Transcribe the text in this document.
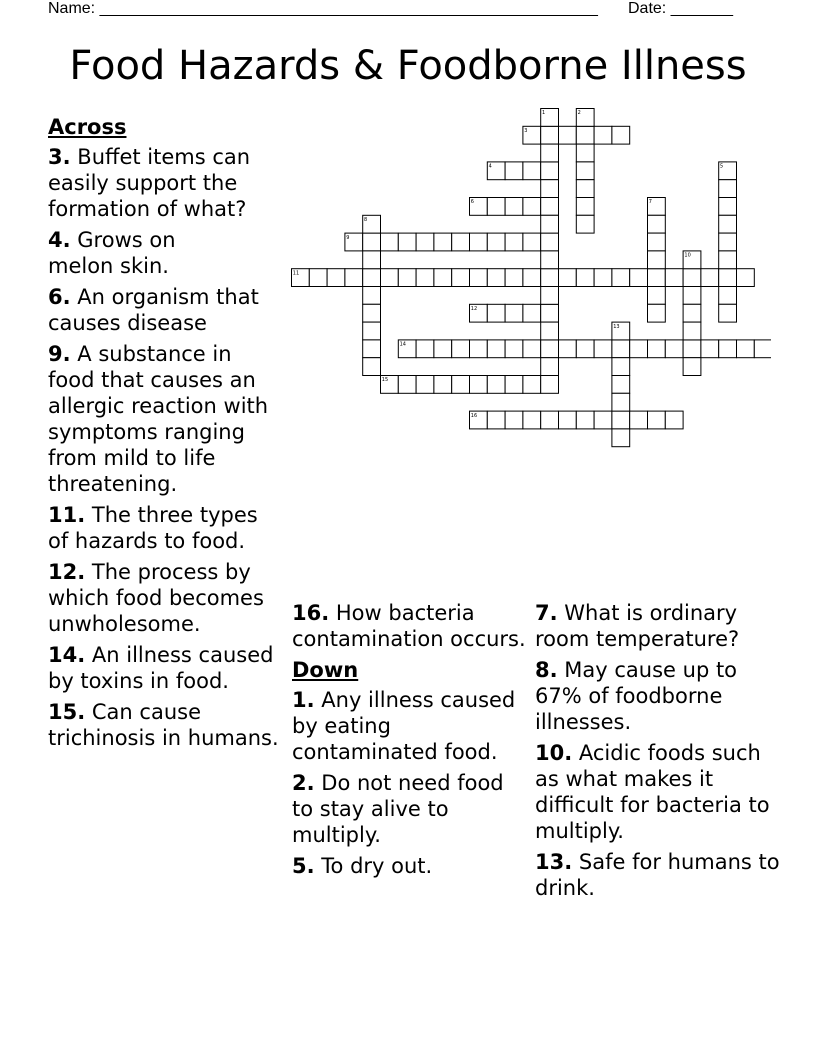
Name: ________________________________________________________ Date: _______
Food Hazards & Foodborne Illness
3
4
6
9
11
12
14
15
16
1	2
5
7
8
10
13
Across
3. Buffet items can easily support the formation of what?
4. Grows on melon skin.
6. An organism that causes disease
9. A substance in food that causes an allergic reaction with symptoms ranging from mild to life threatening.
11. The three types of hazards to food.
12. The process by which food becomes unwholesome.
14. An illness caused by toxins in food.
15. Can cause trichinosis in humans.
16. How bacteria contamination occurs.
Down
1. Any illness caused by eating contaminated food.
2. Do not need food to stay alive to multiply.
5. To dry out.
7. What is ordinary room temperature?
8. May cause up to 67% of foodborne illnesses.
10. Acidic foods such as what makes it difficult for bacteria to multiply.
13. Safe for humans to drink.
